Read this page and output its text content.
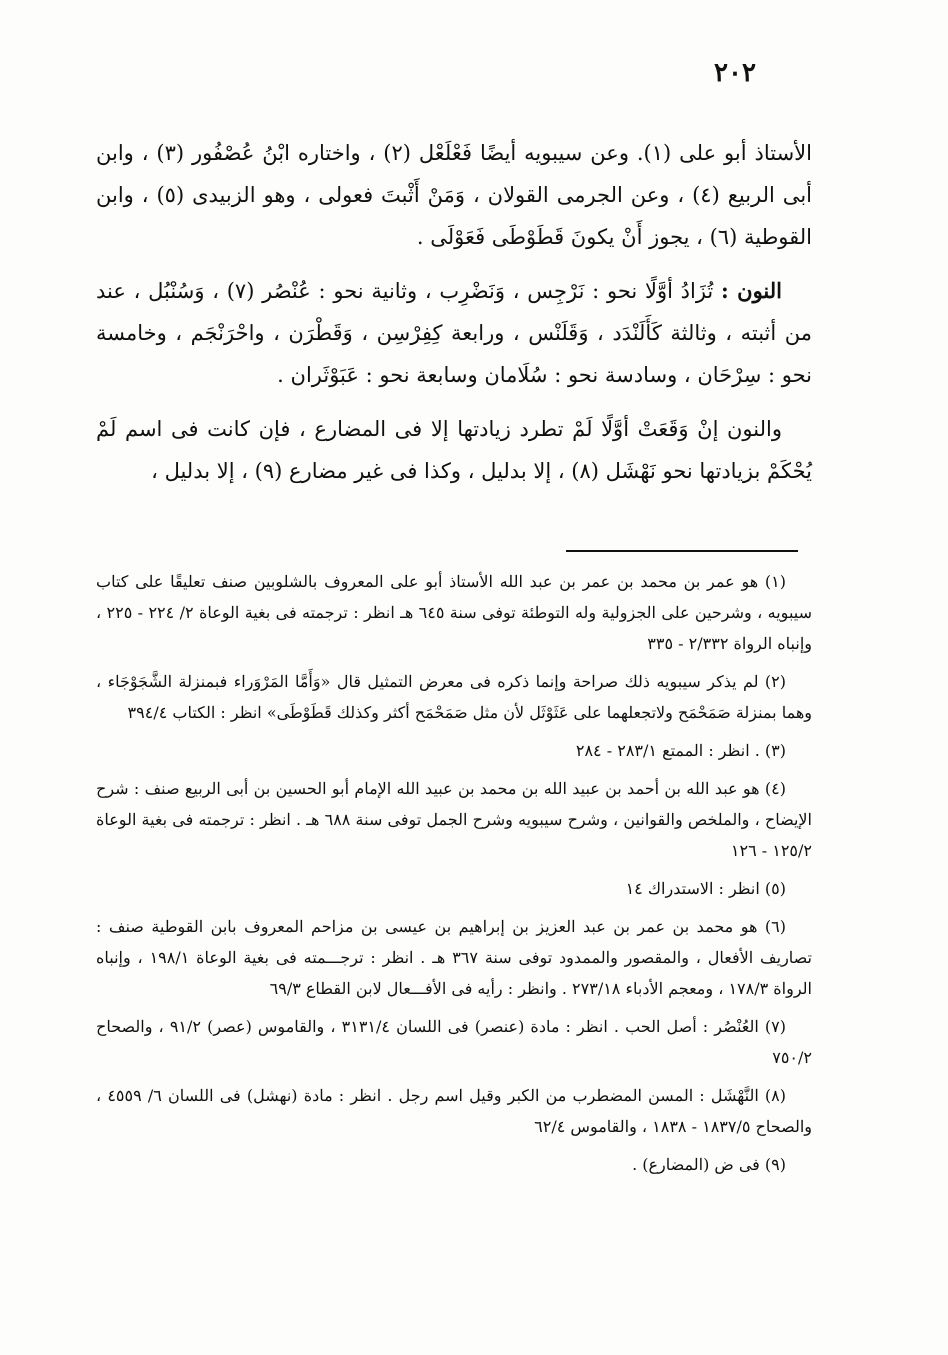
٢٠٢

الأستاذ أبو على (١). وعن سيبويه أيضًا فَعْلَعْل (٢) ، واختاره ابْنُ عُصْفُور (٣) ، وابن أبى الربيع (٤) ، وعن الجرمى القولان ، وَمَنْ أَثْبتَ فعولى ، وهو الزبيدى (٥) ، وابن القوطية (٦) ، يجوز أَنْ يكونَ قَطَوْطَى فَعَوْلَى .

النون : تُزَادُ أوَّلًا نحو : نَرْجِس ، وَنَضْرِب ، وثانية نحو : عُنْصُر (٧) ، وَسُنْبُل ، عند من أثبته ، وثالثة كَأَلَنْدَد ، وَقَلَنْس ، ورابعة كِفِرْسِن ، وَقَطْرَن ، واحْرَنْجَم ، وخامسة نحو : سِرْحَان ، وسادسة نحو : سُلَامان وسابعة نحو : عَبَوْثَران .

والنون إنْ وَقَعَتْ أوَّلًا لَمْ تطرد زيادتها إلا فى المضارع ، فإن كانت فى اسم لَمْ يُحْكَمْ بزيادتها نحو نَهْشَل (٨) ، إلا بدليل ، وكذا فى غير مضارع (٩) ، إلا بدليل ،

(١) هو عمر بن محمد بن عمر بن عبد الله الأستاذ أبو على المعروف بالشلوبين صنف تعليقًا على كتاب سيبويه ، وشرحين على الجزولية وله التوطئة توفى سنة ٦٤٥ هـ انظر : ترجمته فى بغية الوعاة ٢/ ٢٢٤ - ٢٢٥ ، وإنباه الرواة ٢/٣٣٢ - ٣٣٥

(٢) لم يذكر سيبويه ذلك صراحة وإنما ذكره فى معرض التمثيل قال «وَأَمَّا المَرْوَراء فبمنزلة الشَّجَوْجَاء ، وهما بمنزلة صَمَحْمَح ولاتجعلهما على عَثَوْثَل لأن مثل صَمَحْمَح أكثر وكذلك قَطَوْطَى» انظر : الكتاب ٣٩٤/٤

(٣) . انظر : الممتع ٢٨٣/١ - ٢٨٤

(٤) هو عبد الله بن أحمد بن عبيد الله بن محمد بن عبيد الله الإمام أبو الحسين بن أبى الربيع صنف : شرح الإيضاح ، والملخص والقوانين ، وشرح سيبويه وشرح الجمل توفى سنة ٦٨٨ هـ . انظر : ترجمته فى بغية الوعاة ١٢٥/٢ - ١٢٦

(٥) انظر : الاستدراك ١٤

(٦) هو محمد بن عمر بن عبد العزيز بن إبراهيم بن عيسى بن مزاحم المعروف بابن القوطية صنف : تصاريف الأفعال ، والمقصور والممدود توفى سنة ٣٦٧ هـ . انظر : ترجـــمته فى بغية الوعاة ١٩٨/١ ، وإنباه الرواة ١٧٨/٣ ، ومعجم الأدباء ٢٧٣/١٨ . وانظر : رأيه فى الأفـــعال لابن القطاع ٦٩/٣

(٧) العُنْصُر : أصل الحب . انظر : مادة (عنصر) فى اللسان ٣١٣١/٤ ، والقاموس (عصر) ٩١/٢ ، والصحاح ٧٥٠/٢

(٨) النَّهْشَل : المسن المضطرب من الكبر وقيل اسم رجل . انظر : مادة (نهشل) فى اللسان ٦/ ٤٥٥٩ ، والصحاح ١٨٣٧/٥ - ١٨٣٨ ، والقاموس ٦٢/٤

(٩) فى ض (المضارع) .
